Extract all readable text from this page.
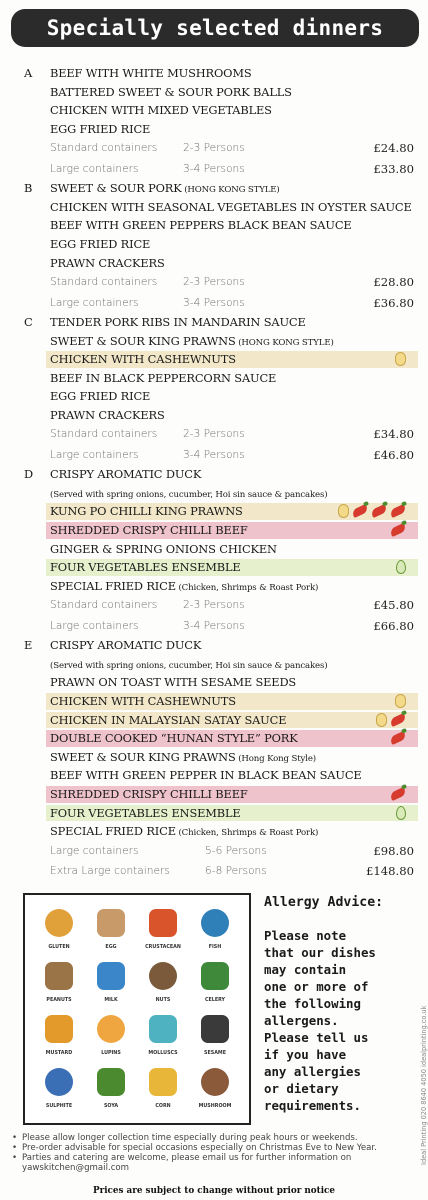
Specially selected dinners
A BEEF WITH WHITE MUSHROOMS
BATTERED SWEET & SOUR PORK BALLS
CHICKEN WITH MIXED VEGETABLES
EGG FRIED RICE
Standard containers 2-3 Persons	£24.80
Large containers	3-4 Persons	£33.80
B SWEET & SOUR PORK (HONG KONG STYLE)
CHICKEN WITH SEASONAL VEGETABLES IN OYSTER SAUCE
BEEF WITH GREEN PEPPERS BLACK BEAN SAUCE
EGG FRIED RICE
PRAWN CRACKERS
Standard containers 2-3 Persons	£28.80
Large containers	3-4 Persons	£36.80
C TENDER PORK RIBS IN MANDARIN SAUCE
SWEET & SOUR KING PRAWNS (HONG KONG STYLE)
CHICKEN WITH CASHEWNUTS
BEEF IN BLACK PEPPERCORN SAUCE
EGG FRIED RICE
PRAWN CRACKERS
Standard containers 2-3 Persons	£34.80
Large containers	3-4 Persons	£46.80
D CRISPY AROMATIC DUCK
(Served with spring onions, cucumber, Hoi sin sauce & pancakes)
KUNG PO CHILLI KING PRAWNS
SHREDDED CRISPY CHILLI BEEF
GINGER & SPRING ONIONS CHICKEN
FOUR VEGETABLES ENSEMBLE
SPECIAL FRIED RICE (Chicken, Shrimps & Roast Pork)
Standard containers 2-3 Persons	£45.80
Large containers	3-4 Persons	£66.80
E CRISPY AROMATIC DUCK
(Served with spring onions, cucumber, Hoi sin sauce & pancakes)
PRAWN ON TOAST WITH SESAME SEEDS
CHICKEN WITH CASHEWNUTS
CHICKEN IN MALAYSIAN SATAY SAUCE
DOUBLE COOKED “HUNAN STYLE” PORK
SWEET & SOUR KING PRAWNS (Hong Kong Style)
BEEF WITH GREEN PEPPER IN BLACK BEAN SAUCE
SHREDDED CRISPY CHILLI BEEF
FOUR VEGETABLES ENSEMBLE
SPECIAL FRIED RICE (Chicken, Shrimps & Roast Pork)
Large containers	5-6 Persons	£98.80
Extra Large containers	6-8 Persons	£148.80
GLUTEN	EGG	CRUSTACEAN	FISH
PEANUTS	MILK	NUTS	CELERY
MUSTARD	LUPINS	MOLLUSCS	SESAME
SULPHITE	SOYA	CORN	MUSHROOM
Allergy Advice:
Please note
that our dishes
may contain
one or more of
the following
allergens.
Please tell us
if you have
any allergies
or dietary
requirements.	Ideal Printing 020 8640 4050 idealprinting.co.uk
• Please allow longer collection time especially during peak hours or weekends.
• Pre-order advisable for special occasions especially on Christmas Eve to New Year.
• Parties and catering are welcome, please email us for further information on yawskitchen@gmail.com
Prices are subject to change without prior notice
